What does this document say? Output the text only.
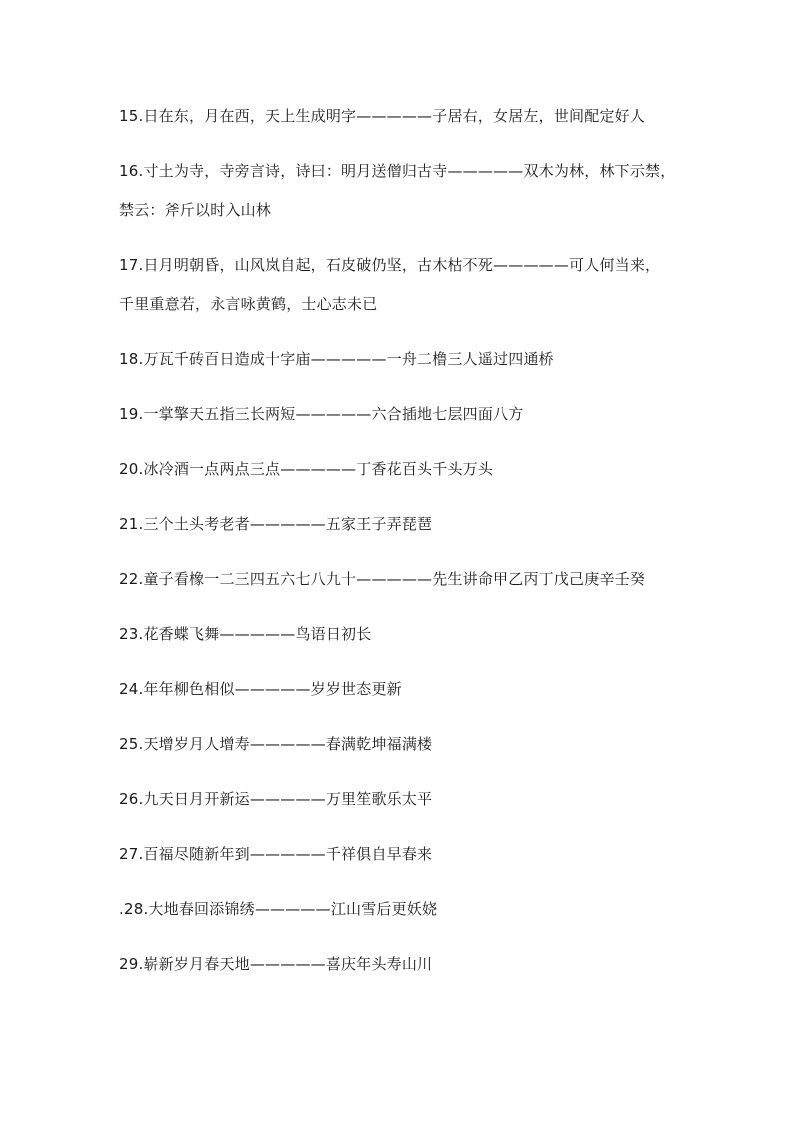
15.日在东，月在西，天上生成明字—————子居右，女居左，世间配定好人

16.寸土为寺，寺旁言诗，诗曰：明月送僧归古寺—————双木为林，林下示禁，
禁云：斧斤以时入山林

17.日月明朝昏，山风岚自起，石皮破仍坚，古木枯不死—————可人何当来，
千里重意若，永言咏黄鹤，士心志未已

18.万瓦千砖百日造成十字庙—————一舟二橹三人遥过四通桥

19.一掌擎天五指三长两短—————六合插地七层四面八方

20.冰冷酒一点两点三点—————丁香花百头千头万头

21.三个土头考老者—————五家王子弄琵琶

22.童子看橡一二三四五六七八九十—————先生讲命甲乙丙丁戊己庚辛壬癸

23.花香蝶飞舞—————鸟语日初长

24.年年柳色相似—————岁岁世态更新

25.天增岁月人增寿—————春满乾坤福满楼

26.九天日月开新运—————万里笙歌乐太平

27.百福尽随新年到—————千祥俱自早春来

.28.大地春回添锦绣—————江山雪后更妖娆

29.崭新岁月春天地—————喜庆年头寿山川
